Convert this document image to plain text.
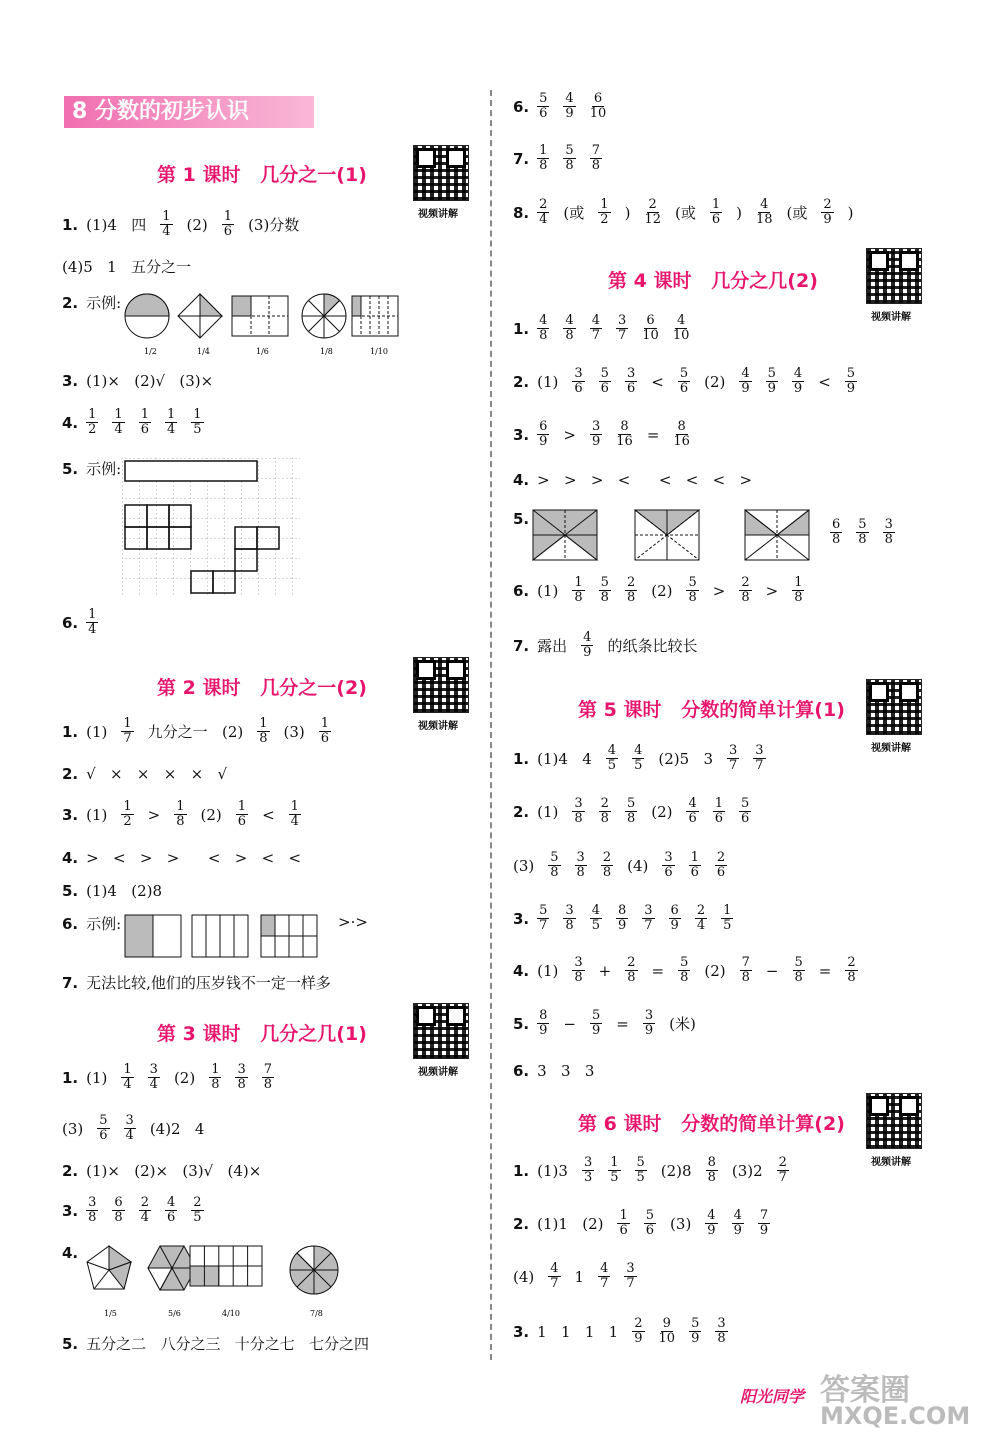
8 分数的初步认识
第 1 课时   几分之一(1)
第 2 课时   几分之一(2)
第 3 课时   几分之几(1)
第 4 课时   几分之几(2)
第 5 课时   分数的简单计算(1)
第 6 课时   分数的简单计算(2)
视频讲解
视频讲解
视频讲解
视频讲解
视频讲解
视频讲解
1. (1)4   四 $\frac{1}{4} (2) \frac{1}{6} (3)$分数
(4)5   1   五分之一
2. 示例:
3. (1)×   (2)√   (3)×
4. $\frac{1}{2} \frac{1}{4} \frac{1}{6} \frac{1}{4} \frac{1}{5}$
5. 示例:
6. $\frac{1}{4}$
1. $(1) \frac{1}{7}$ 九分之一   $(2) \frac{1}{8} (3) \frac{1}{6}$
2. √   ×   ×   ×   ×   √
3. $(1) \frac{1}{2} > \frac{1}{8} (2) \frac{1}{6} < \frac{1}{4}$
4. >   <   >   >      <   >   <   <
5. (1)4   (2)8
6. 示例:
7. 无法比较,他们的压岁钱不一定一样多
1. $(1) \frac{1}{4} \frac{3}{4} (2) \frac{1}{8} \frac{3}{8} \frac{7}{8}$
$(3) \frac{5}{6} \frac{3}{4} (4)2$   4
2. (1)×   (2)×   (3)√   (4)×
3. $\frac{3}{8} \frac{6}{8} \frac{2}{4} \frac{4}{6} \frac{2}{5}$
4.
5. 五分之二   八分之三   十分之七   七分之四
6. $\frac{5}{6} \frac{4}{9} \frac{6}{10}$
7. $\frac{1}{8} \frac{5}{8} \frac{7}{8}$
8. $\frac{2}{4}$ (或 $\frac{1}{2}$ ) $\frac{2}{12}$ (或 $\frac{1}{6}$ ) $\frac{4}{18}$ (或 $\frac{2}{9}$ )
1. $\frac{4}{8} \frac{4}{8} \frac{4}{7} \frac{3}{7} \frac{6}{10} \frac{4}{10}$
2. $(1) \frac{3}{6} \frac{5}{6} \frac{3}{6} < \frac{5}{6} (2) \frac{4}{9} \frac{5}{9} \frac{4}{9} < \frac{5}{9}$
3. $\frac{6}{9} > \frac{3}{9} \frac{8}{16} = \frac{8}{16}$
4. >   >   >   <      <   <   <   >
5.
6. $(1) \frac{1}{8} \frac{5}{8} \frac{2}{8} (2) \frac{5}{8} > \frac{2}{8} > \frac{1}{8}$
7. 露出 $\frac{4}{9}$ 的纸条比较长
1. (1)4   $4 \frac{4}{5} \frac{4}{5} (2)5$   $3 \frac{3}{7} \frac{3}{7}$
2. $(1) \frac{3}{8} \frac{2}{8} \frac{5}{8} (2) \frac{4}{6} \frac{1}{6} \frac{5}{6}$
$(3) \frac{5}{8} \frac{3}{8} \frac{2}{8} (4) \frac{3}{6} \frac{1}{6} \frac{2}{6}$
3. $\frac{5}{7} \frac{3}{8} \frac{4}{5} \frac{8}{9} \frac{3}{7} \frac{6}{9} \frac{2}{4} \frac{1}{5}$
4. $(1) \frac{3}{8} + \frac{2}{8} = \frac{5}{8} (2) \frac{7}{8} - \frac{5}{8} = \frac{2}{8}$
5. $\frac{8}{9} - \frac{5}{9} = \frac{3}{9}$ (米)
6. 3   3   3
1. $(1)3 \frac{3}{3} \frac{1}{5} \frac{5}{5} (2)8 \frac{8}{8} (3)2 \frac{2}{7}$
2. (1)1   $(2) \frac{1}{6} \frac{5}{6} (3) \frac{4}{9} \frac{4}{9} \frac{7}{9}$
$(4) \frac{4}{7} 1 \frac{4}{7} \frac{3}{7}$
3. 1   1   1   $1 \frac{2}{9} \frac{9}{10} \frac{5}{9} \frac{3}{8}$
1/2	1/4	1/6	1/8	1/10
>·>
1/5	5/6	4/10	7/8
6
8
5
8
3
8
阳光同学 答案圈
MXQE.COM
